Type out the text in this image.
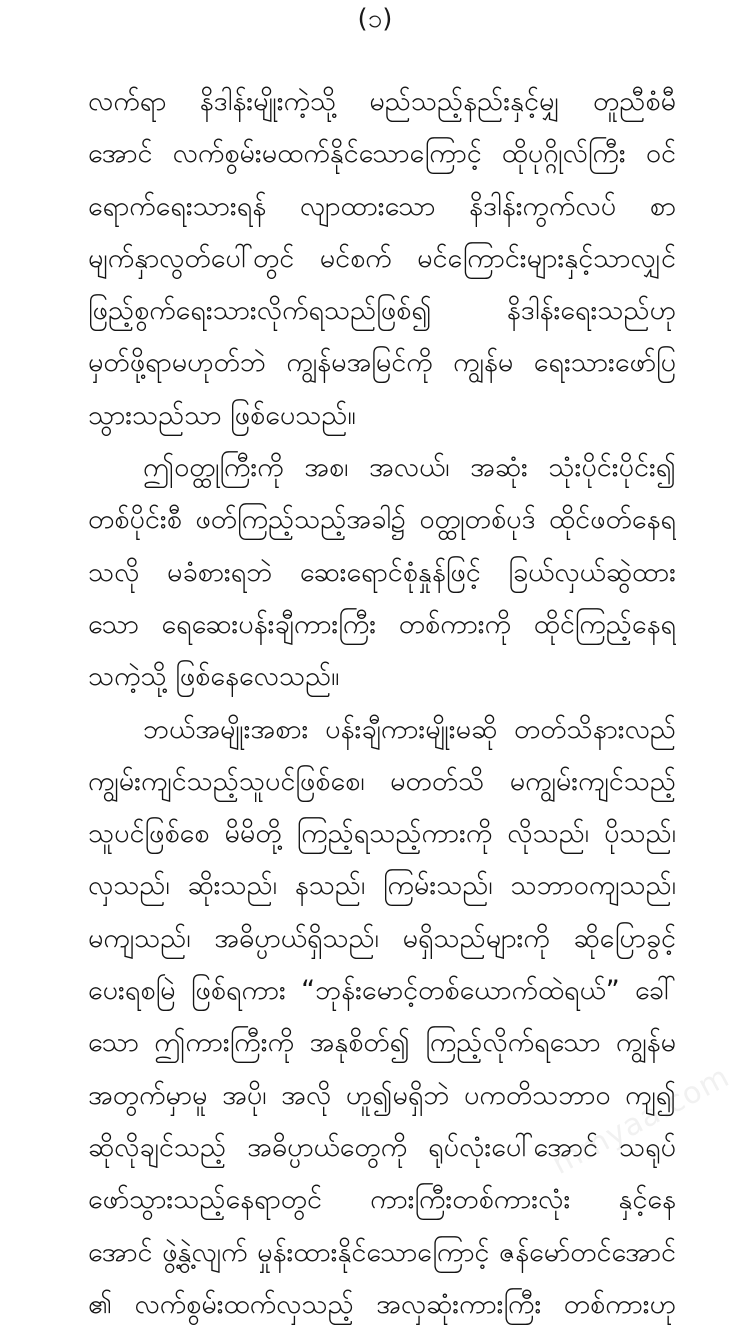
(၁)
လက်ရာ နိဒါန်းမျိုးကဲ့သို့ မည်သည့်နည်းနှင့်မျှ တူညီစံမီ
အောင် လက်စွမ်းမထက်နိုင်သောကြောင့် ထိုပုဂ္ဂိုလ်ကြီး ဝင်
ရောက်ရေးသားရန် လျာထားသော နိဒါန်းကွက်လပ် စာ
မျက်နှာလွတ်ပေါ်တွင် မင်စက် မင်ကြောင်းများနှင့်သာလျှင်
ဖြည့်စွက်ရေးသားလိုက်ရသည်ဖြစ်၍ နိဒါန်းရေးသည်ဟု
မှတ်ဖို့ရာမဟုတ်ဘဲ ကျွန်မအမြင်ကို ကျွန်မ ရေးသားဖော်ပြ
သွားသည်သာ ဖြစ်ပေသည်။
ဤဝတ္ထုကြီးကို အစ၊ အလယ်၊ အဆုံး သုံးပိုင်းပိုင်း၍
တစ်ပိုင်းစီ ဖတ်ကြည့်သည့်အခါ၌ ဝတ္ထုတစ်ပုဒ် ထိုင်ဖတ်နေရ
သလို မခံစားရဘဲ ဆေးရောင်စုံနှုန်ဖြင့် ခြယ်လှယ်ဆွဲထား
သော ရေဆေးပန်းချီကားကြီး တစ်ကားကို ထိုင်ကြည့်နေရ
သကဲ့သို့ ဖြစ်နေလေသည်။
ဘယ်အမျိုးအစား ပန်းချီကားမျိုးမဆို တတ်သိနားလည်
ကျွမ်းကျင်သည့်သူပင်ဖြစ်စေ၊ မတတ်သိ မကျွမ်းကျင်သည့်
သူပင်ဖြစ်စေ မိမိတို့ ကြည့်ရသည့်ကားကို လိုသည်၊ ပိုသည်၊
လှသည်၊ ဆိုးသည်၊ နသည်၊ ကြမ်းသည်၊ သဘာဝကျသည်၊
မကျသည်၊ အဓိပ္ပာယ်ရှိသည်၊ မရှိသည်များကို ဆိုပြောခွင့်
ပေးရစမြဲ ဖြစ်ရကား “ဘုန်းမောင့်တစ်ယောက်ထဲရယ်” ခေါ်
သော ဤကားကြီးကို အနုစိတ်၍ ကြည့်လိုက်ရသော ကျွန်မ
အတွက်မှာမူ အပို၊ အလို ဟူ၍မရှိဘဲ ပကတိသဘာဝ ကျ၍
ဆိုလိုချင်သည့် အဓိပ္ပာယ်တွေကို ရုပ်လုံးပေါ်အောင် သရုပ်
ဖော်သွားသည့်နေရာတွင် ကားကြီးတစ်ကားလုံး နှင့်နေ
အောင် ဖွဲ့နွဲ့လျက် မှုန်းထားနိုင်သောကြောင့် ဇန်မော်တင်အောင်
၏ လက်စွမ်းထက်လှသည့် အလှဆုံးကားကြီး တစ်ကားဟု
mmyaa.com
